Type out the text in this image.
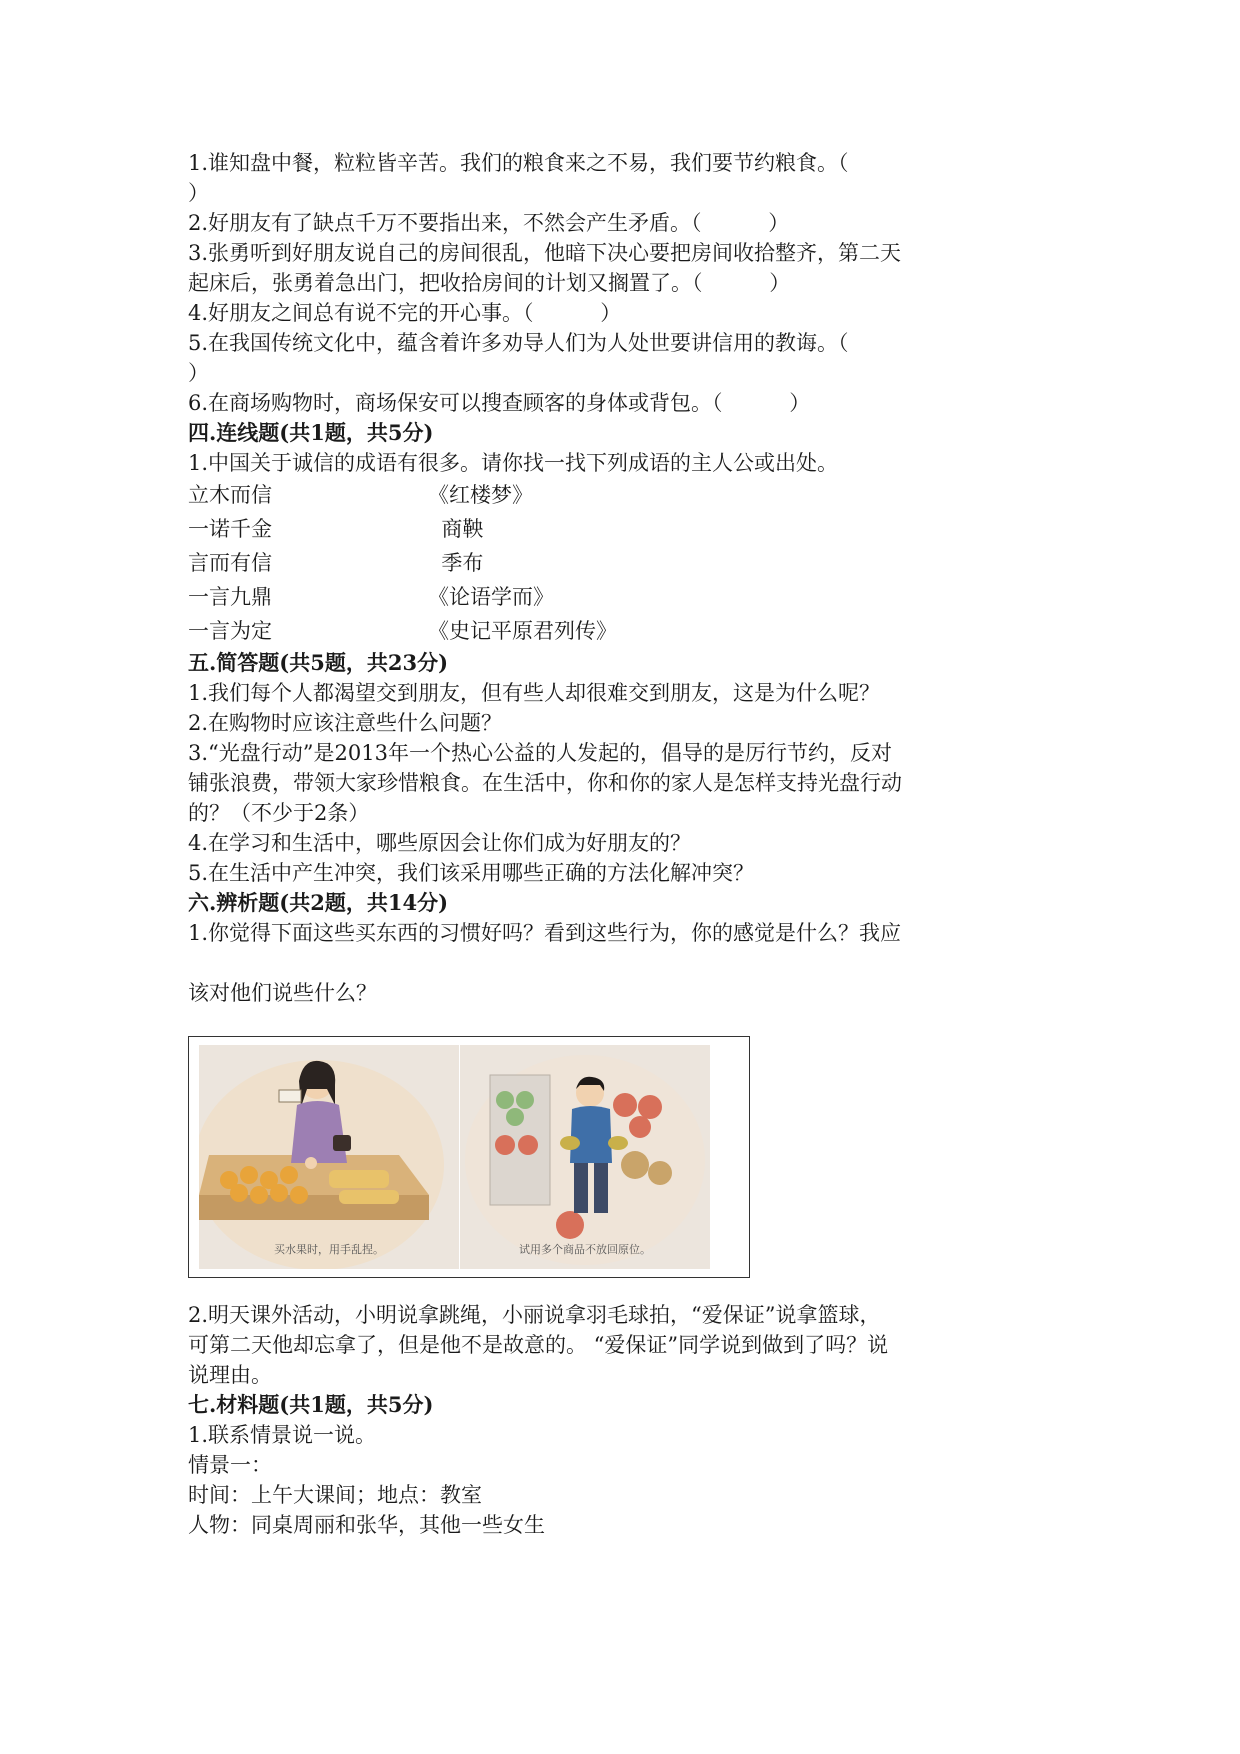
1.谁知盘中餐，粒粒皆辛苦。我们的粮食来之不易，我们要节约粮食。（
）
2.好朋友有了缺点千万不要指出来，不然会产生矛盾。（          ）
3.张勇听到好朋友说自己的房间很乱，他暗下决心要把房间收拾整齐，第二天
起床后，张勇着急出门，把收拾房间的计划又搁置了。（          ）
4.好朋友之间总有说不完的开心事。（          ）
5.在我国传统文化中，蕴含着许多劝导人们为人处世要讲信用的教诲。（
）
6.在商场购物时，商场保安可以搜查顾客的身体或背包。（          ）
四.连线题(共1题，共5分)
1.中国关于诚信的成语有很多。请你找一找下列成语的主人公或出处。
立木而信	《红楼梦》
一诺千金	商鞅
言而有信	季布
一言九鼎	《论语学而》
一言为定	《史记平原君列传》
五.简答题(共5题，共23分)
1.我们每个人都渴望交到朋友，但有些人却很难交到朋友，这是为什么呢？
2.在购物时应该注意些什么问题？
3.“光盘行动”是2013年一个热心公益的人发起的，倡导的是厉行节约，反对
铺张浪费，带领大家珍惜粮食。在生活中，你和你的家人是怎样支持光盘行动
的？（不少于2条）
4.在学习和生活中，哪些原因会让你们成为好朋友的？
5.在生活中产生冲突，我们该采用哪些正确的方法化解冲突？
六.辨析题(共2题，共14分)
1.你觉得下面这些买东西的习惯好吗？看到这些行为，你的感觉是什么？我应
该对他们说些什么？
买水果时，用手乱捏。	试用多个商品不放回原位。
2.明天课外活动，小明说拿跳绳，小丽说拿羽毛球拍，“爱保证”说拿篮球，
可第二天他却忘拿了，但是他不是故意的。 “爱保证”同学说到做到了吗？说
说理由。
七.材料题(共1题，共5分)
1.联系情景说一说。
情景一：
时间：上午大课间；地点：教室
人物：同桌周丽和张华，其他一些女生
